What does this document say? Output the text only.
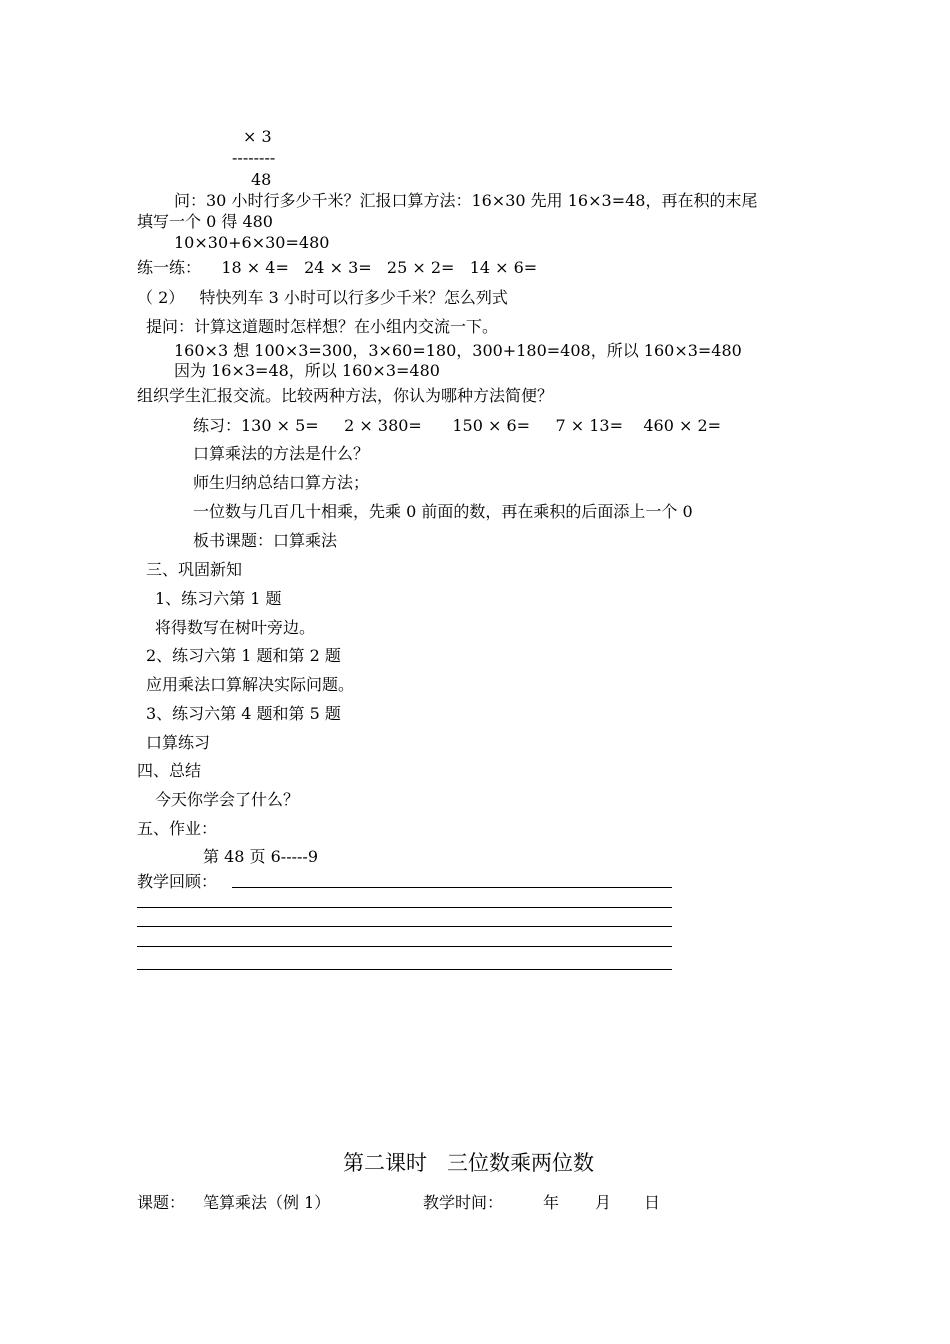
× 3
--------
48
问：30 小时行多少千米？汇报口算方法：16×30 先用 16×3=48，再在积的末尾
填写一个 0 得 480
10×30+6×30=480
练一练：    18 × 4=   24 × 3=   25 × 2=   14 × 6=
（ 2）   特快列车 3 小时可以行多少千米？怎么列式
提问：计算这道题时怎样想？在小组内交流一下。
160×3 想 100×3=300，3×60=180，300+180=408，所以 160×3=480
因为 16×3=48，所以 160×3=480
组织学生汇报交流。比较两种方法，你认为哪种方法简便？
练习：130 × 5=     2 × 380=      150 × 6=     7 × 13=    460 × 2=
口算乘法的方法是什么？
师生归纳总结口算方法；
一位数与几百几十相乘，先乘 0 前面的数，再在乘积的后面添上一个 0
板书课题：口算乘法
三、巩固新知
1、练习六第 1 题
将得数写在树叶旁边。
2、练习六第 1 题和第 2 题
应用乘法口算解决实际问题。
3、练习六第 4 题和第 5 题
口算练习
四、总结
今天你学会了什么？
五、作业：
第 48 页 6-----9
教学回顾：
第二课时   三位数乘两位数
课题： 笔算乘法（例 1）	教学时间： 年 月 日
